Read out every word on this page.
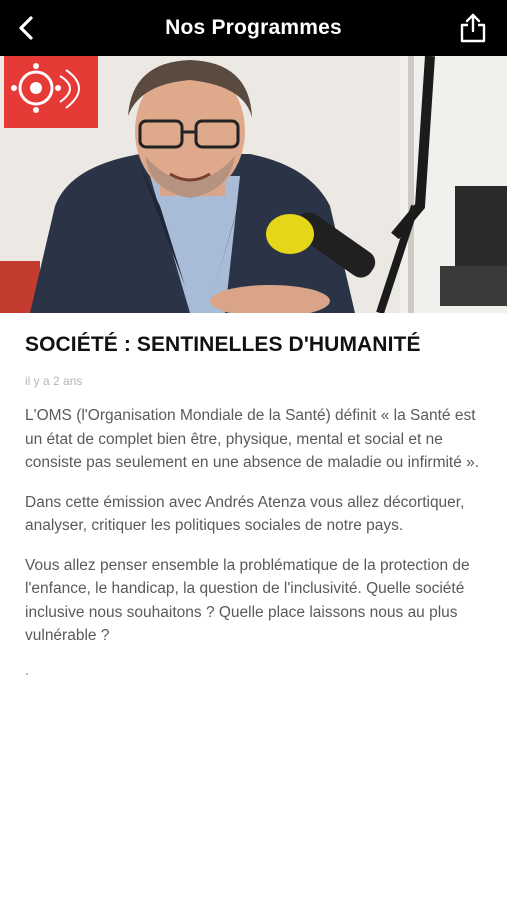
Nos Programmes
SOCIÉTÉ : SENTINELLES D'HUMANITÉ
il y a 2 ans

L'OMS (l'Organisation Mondiale de la Santé) définit « la Santé est un état de complet bien être, physique, mental et social et ne consiste pas seulement en une absence de maladie ou infirmité ».

Dans cette émission avec Andrés Atenza vous allez décortiquer, analyser, critiquer les politiques sociales de notre pays.

Vous allez penser ensemble la problématique de la protection de l'enfance, le handicap, la question de l'inclusivité. Quelle société inclusive nous souhaitons ? Quelle place laissons nous au plus vulnérable ?

.
